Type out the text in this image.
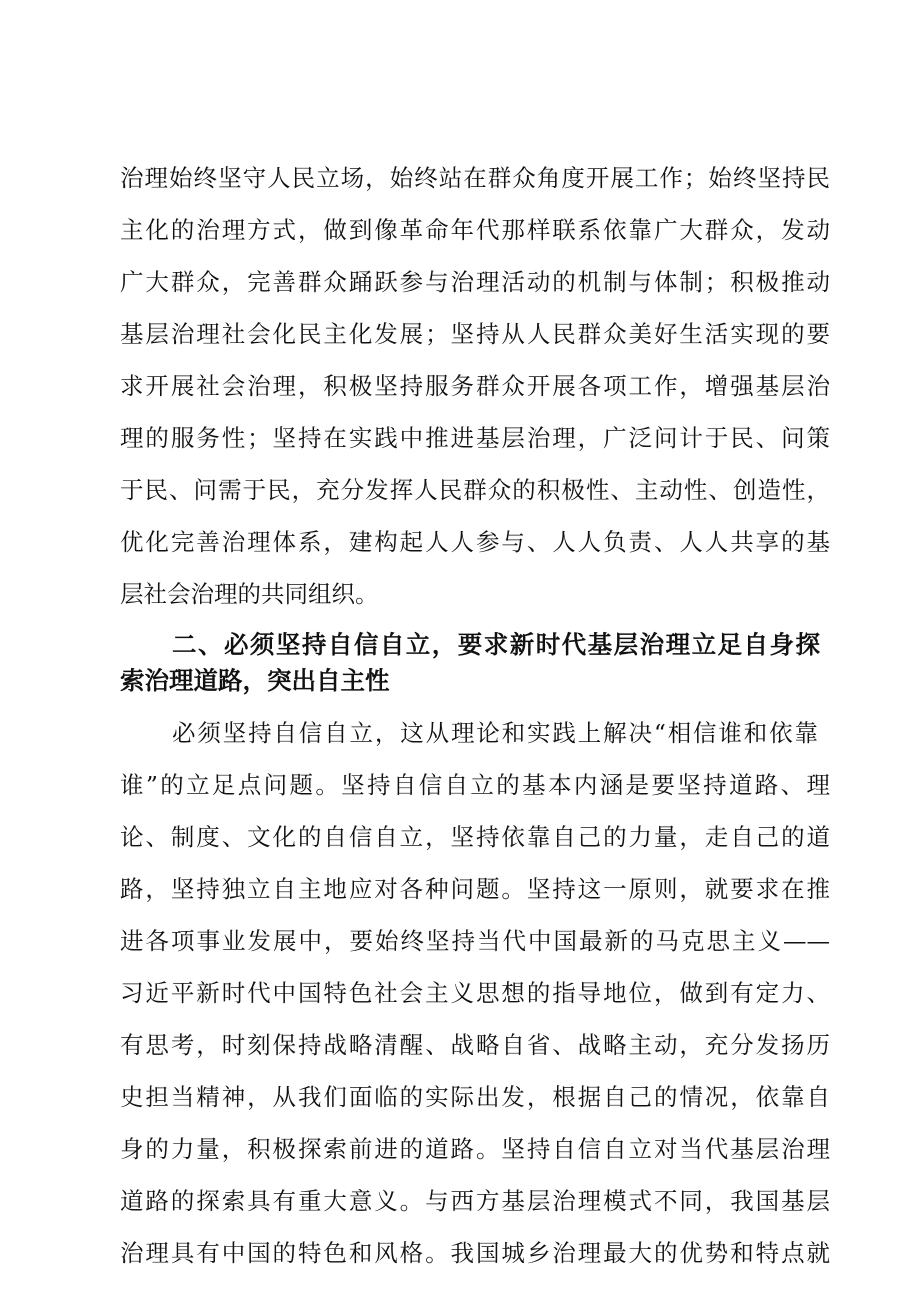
治理始终坚守人民立场，始终站在群众角度开展工作；始终坚持民
主化的治理方式，做到像革命年代那样联系依靠广大群众，发动
广大群众，完善群众踊跃参与治理活动的机制与体制；积极推动
基层治理社会化民主化发展；坚持从人民群众美好生活实现的要
求开展社会治理，积极坚持服务群众开展各项工作，增强基层治
理的服务性；坚持在实践中推进基层治理，广泛问计于民、问策
于民、问需于民，充分发挥人民群众的积极性、主动性、创造性，
优化完善治理体系，建构起人人参与、人人负责、人人共享的基
层社会治理的共同组织。
二、必须坚持自信自立，要求新时代基层治理立足自身探
索治理道路，突出自主性
必须坚持自信自立，这从理论和实践上解决“相信谁和依靠
谁”的立足点问题。坚持自信自立的基本内涵是要坚持道路、理
论、制度、文化的自信自立，坚持依靠自己的力量，走自己的道
路，坚持独立自主地应对各种问题。坚持这一原则，就要求在推
进各项事业发展中，要始终坚持当代中国最新的马克思主义——
习近平新时代中国特色社会主义思想的指导地位，做到有定力、
有思考，时刻保持战略清醒、战略自省、战略主动，充分发扬历
史担当精神，从我们面临的实际出发，根据自己的情况，依靠自
身的力量，积极探索前进的道路。坚持自信自立对当代基层治理
道路的探索具有重大意义。与西方基层治理模式不同，我国基层
治理具有中国的特色和风格。我国城乡治理最大的优势和特点就
